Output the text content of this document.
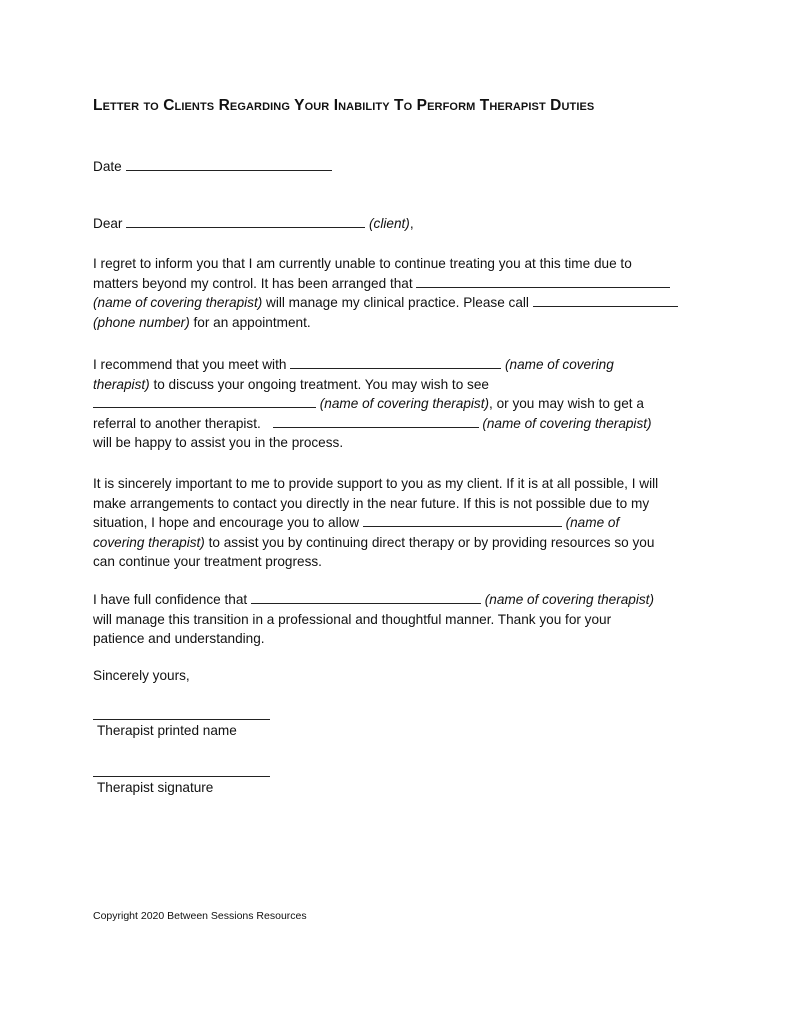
Letter to Clients Regarding Your Inability To Perform Therapist Duties
Date
Dear	(client),
I regret to inform you that I am currently unable to continue treating you at this time due to
matters beyond my control. It has been arranged that
(name of covering therapist) will manage my clinical practice. Please call
(phone number) for an appointment.
I recommend that you meet with	(name of covering
therapist) to discuss your ongoing treatment. You may wish to see
(name of covering therapist), or you may wish to get a
referral to another therapist.	(name of covering therapist)
will be happy to assist you in the process.
It is sincerely important to me to provide support to you as my client. If it is at all possible, I will
make arrangements to contact you directly in the near future. If this is not possible due to my
situation, I hope and encourage you to allow	(name of
covering therapist) to assist you by continuing direct therapy or by providing resources so you
can continue your treatment progress.
I have full confidence that	(name of covering therapist)
will manage this transition in a professional and thoughtful manner. Thank you for your
patience and understanding.
Sincerely yours,
Therapist printed name
Therapist signature
Copyright 2020 Between Sessions Resources
